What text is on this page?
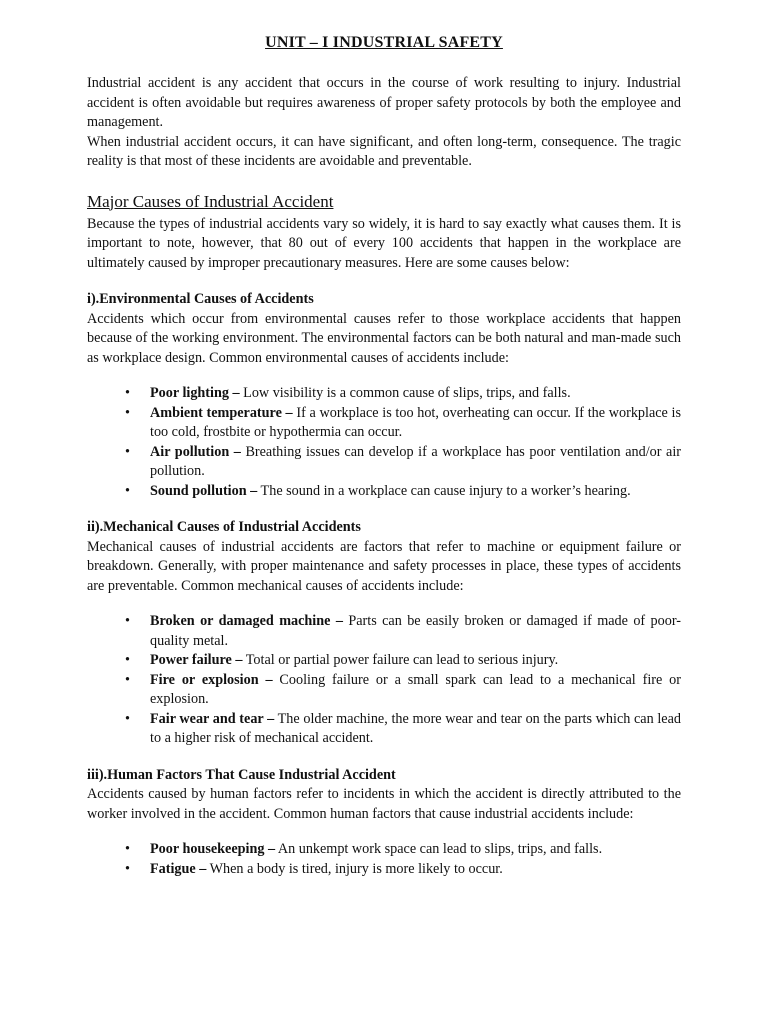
UNIT – I INDUSTRIAL SAFETY

Industrial accident is any accident that occurs in the course of work resulting to injury. Industrial accident is often avoidable but requires awareness of proper safety protocols by both the employee and management.

When industrial accident occurs, it can have significant, and often long-term, consequence. The tragic reality is that most of these incidents are avoidable and preventable.

Major Causes of Industrial Accident

Because the types of industrial accidents vary so widely, it is hard to say exactly what causes them. It is important to note, however, that 80 out of every 100 accidents that happen in the workplace are ultimately caused by improper precautionary measures. Here are some causes below:

i).Environmental Causes of Accidents

Accidents which occur from environmental causes refer to those workplace accidents that happen because of the working environment. The environmental factors can be both natural and man-made such as workplace design. Common environmental causes of accidents include:

• Poor lighting – Low visibility is a common cause of slips, trips, and falls.
• Ambient temperature – If a workplace is too hot, overheating can occur. If the workplace is too cold, frostbite or hypothermia can occur.
• Air pollution – Breathing issues can develop if a workplace has poor ventilation and/or air pollution.
• Sound pollution – The sound in a workplace can cause injury to a worker’s hearing.
ii).Mechanical Causes of Industrial Accidents

Mechanical causes of industrial accidents are factors that refer to machine or equipment failure or breakdown. Generally, with proper maintenance and safety processes in place, these types of accidents are preventable. Common mechanical causes of accidents include:

• Broken or damaged machine – Parts can be easily broken or damaged if made of poor-quality metal.
• Power failure – Total or partial power failure can lead to serious injury.
• Fire or explosion – Cooling failure or a small spark can lead to a mechanical fire or explosion.
• Fair wear and tear – The older machine, the more wear and tear on the parts which can lead to a higher risk of mechanical accident.
iii).Human Factors That Cause Industrial Accident

Accidents caused by human factors refer to incidents in which the accident is directly attributed to the worker involved in the accident. Common human factors that cause industrial accidents include:

• Poor housekeeping – An unkempt work space can lead to slips, trips, and falls.
• Fatigue – When a body is tired, injury is more likely to occur.
